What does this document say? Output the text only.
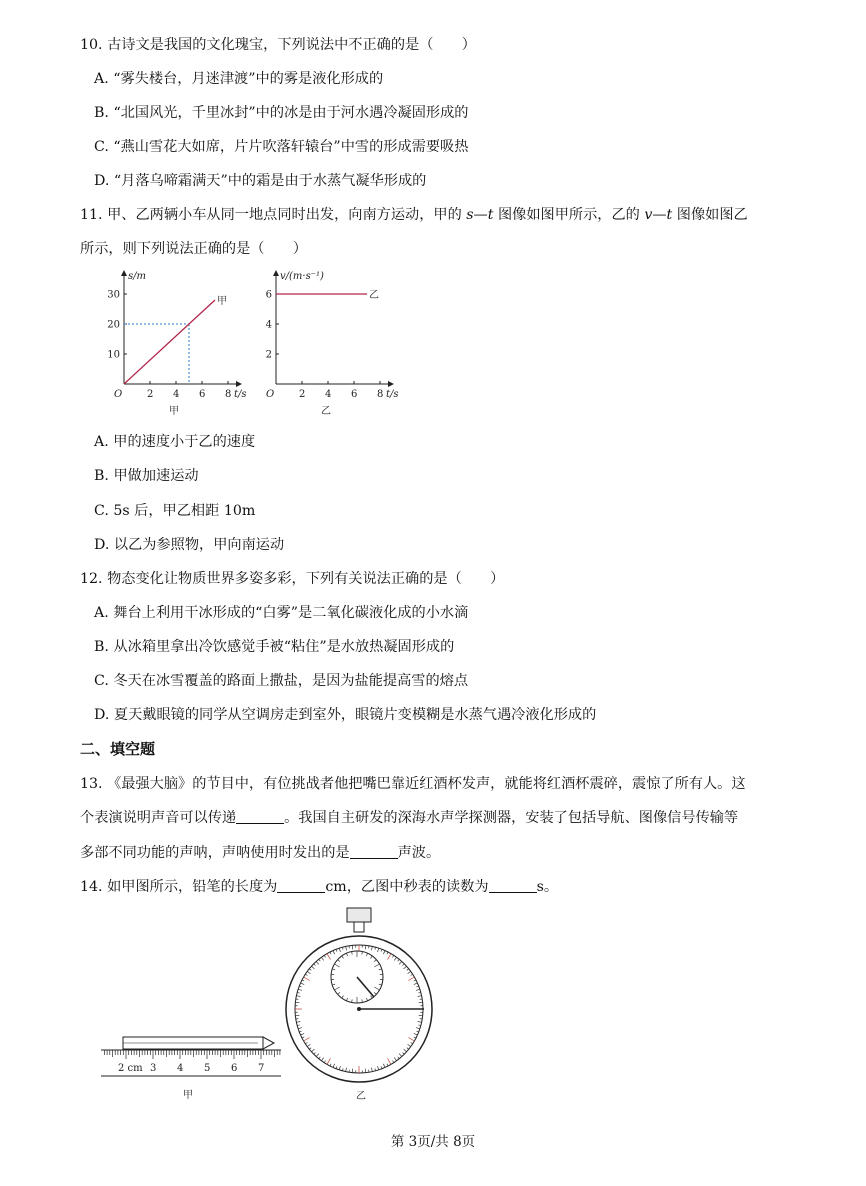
10. 古诗文是我国的文化瑰宝，下列说法中不正确的是（　　）
A. “雾失楼台，月迷津渡”中的雾是液化形成的
B. “北国风光，千里冰封”中的冰是由于河水遇冷凝固形成的
C. “燕山雪花大如席，片片吹落轩辕台”中雪的形成需要吸热
D. “月落乌啼霜满天”中的霜是由于水蒸气凝华形成的
11. 甲、乙两辆小车从同一地点同时出发，向南方运动，甲的 s—t 图像如图甲所示，乙的 v—t 图像如图乙
所示，则下列说法正确的是（　　）
2 4 6 8
10
20
30
O	t/s
s/m
甲
甲
2 4 6 8
2
4
6
O	t/s
v/(m·s⁻¹)
乙
乙
A. 甲的速度小于乙的速度
B. 甲做加速运动
C. 5s 后，甲乙相距 10m
D. 以乙为参照物，甲向南运动
12. 物态变化让物质世界多姿多彩，下列有关说法正确的是（　　）
A. 舞台上利用干冰形成的“白雾”是二氧化碳液化成的小水滴
B. 从冰箱里拿出冷饮感觉手被“粘住”是水放热凝固形成的
C. 冬天在冰雪覆盖的路面上撒盐，是因为盐能提高雪的熔点
D. 夏天戴眼镜的同学从空调房走到室外，眼镜片变模糊是水蒸气遇冷液化形成的
二、填空题
13. 《最强大脑》的节目中，有位挑战者他把嘴巴靠近红酒杯发声，就能将红酒杯震碎，震惊了所有人。这
个表演说明声音可以传递	。我国自主研发的深海水声学探测器，安装了包括导航、图像信号传输等
多部不同功能的声呐，声呐使用时发出的是	声波。
14. 如甲图所示，铅笔的长度为	cm，乙图中秒表的读数为	s。
2 cm 3 4 5 6 7
甲	乙
第 3页/共 8页
